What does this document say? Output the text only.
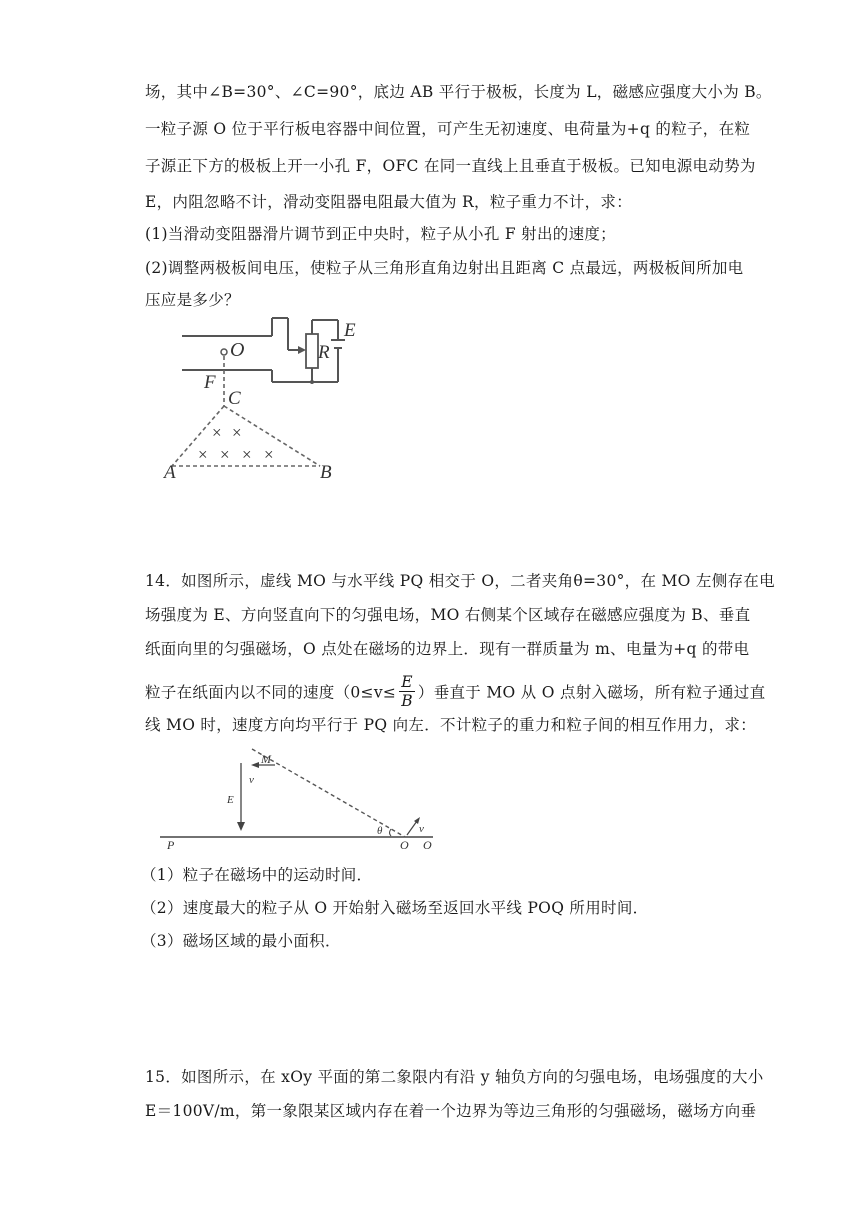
场，其中∠B=30°、∠C=90°，底边 AB 平行于极板，长度为 L，磁感应强度大小为 B。
一粒子源 O 位于平行板电容器中间位置，可产生无初速度、电荷量为+q 的粒子，在粒
子源正下方的极板上开一小孔 F，OFC 在同一直线上且垂直于极板。已知电源电动势为
E，内阻忽略不计，滑动变阻器电阻最大值为 R，粒子重力不计，求：
(1)当滑动变阻器滑片调节到正中央时，粒子从小孔 F 射出的速度；
(2)调整两极板间电压，使粒子从三角形直角边射出且距离 C 点最远，两极板间所加电
压应是多少？
O	R
E
F
C
A	B
× ×
× × × ×
14．如图所示，虚线 MO 与水平线 PQ 相交于 O，二者夹角θ=30°，在 MO 左侧存在电
场强度为 E、方向竖直向下的匀强电场，MO 右侧某个区域存在磁感应强度为 B、垂直
纸面向里的匀强磁场，O 点处在磁场的边界上．现有一群质量为 m、电量为+q 的带电
粒子在纸面内以不同的速度（$0\le v\le \frac{E}{B}$ ）垂直于 MO 从 O 点射入磁场，所有粒子通过直
线 MO 时，速度方向均平行于 PQ 向左．不计粒子的重力和粒子间的相互作用力，求：
M
v
E
P
θ	v
O O
（1）粒子在磁场中的运动时间．
（2）速度最大的粒子从 O 开始射入磁场至返回水平线 POQ 所用时间．
（3）磁场区域的最小面积．
15．如图所示，在 xOy 平面的第二象限内有沿 y 轴负方向的匀强电场，电场强度的大小
E＝100V/m，第一象限某区域内存在着一个边界为等边三角形的匀强磁场，磁场方向垂
